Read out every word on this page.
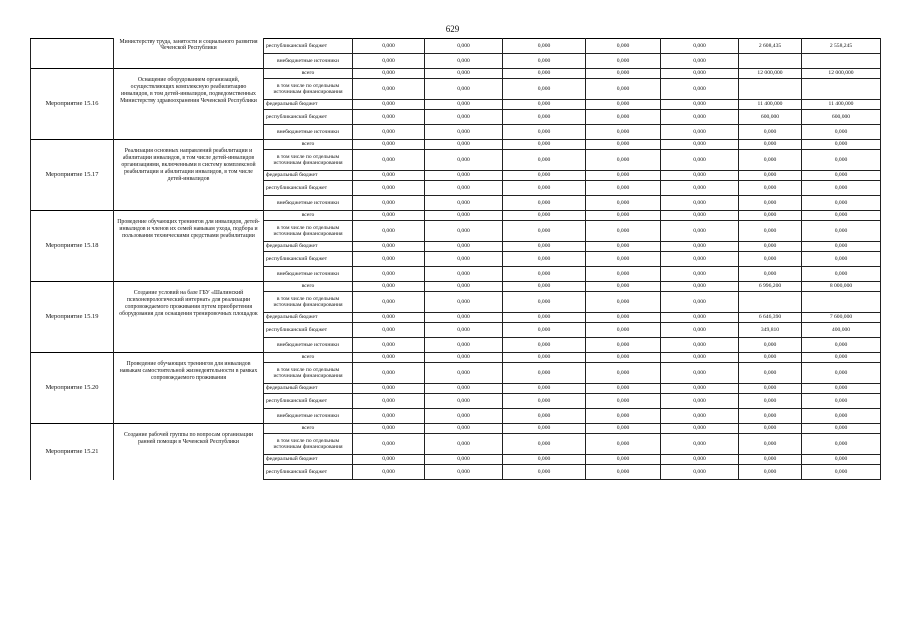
629
	Министерству труда, занятости и социального развития Чеченской Республики	республиканский бюджет	0,000	0,000	0,000	0,000	0,000	2 608,435	2 558,245
		внебюджетные источники	0,000	0,000	0,000	0,000	0,000		
Мероприятие 15.16	Оснащение оборудованием организаций, осуществляющих комплексную реабилитацию инвалидов, в том детей-инвалидов, подведомственных Министерству здравоохранения Чеченской Республики	всего	0,000	0,000	0,000	0,000	0,000	12 000,000	12 000,000
		в том числе по отдельным источникам финансирования	0,000	0,000	0,000	0,000	0,000		
		федеральный бюджет	0,000	0,000	0,000	0,000	0,000	11 400,000	11 400,000
		республиканский бюджет	0,000	0,000	0,000	0,000	0,000	600,000	600,000
		внебюджетные источники	0,000	0,000	0,000	0,000	0,000	0,000	0,000
Мероприятие 15.17	Реализация основных направлений реабилитации и абилитации инвалидов, в том числе детей-инвалидов организациями, включенными в систему комплексной реабилитации и абилитации инвалидов, в том числе детей-инвалидов	всего	0,000	0,000	0,000	0,000	0,000	0,000	0,000
		в том числе по отдельным источникам финансирования	0,000	0,000	0,000	0,000	0,000	0,000	0,000
		федеральный бюджет	0,000	0,000	0,000	0,000	0,000	0,000	0,000
		республиканский бюджет	0,000	0,000	0,000	0,000	0,000	0,000	0,000
		внебюджетные источники	0,000	0,000	0,000	0,000	0,000	0,000	0,000
Мероприятие 15.18	Проведение обучающих тренингов для инвалидов, детей-инвалидов и членов их семей навыкам ухода, подбора и пользования техническими средствами реабилитации	всего	0,000	0,000	0,000	0,000	0,000	0,000	0,000
		в том числе по отдельным источникам финансирования	0,000	0,000	0,000	0,000	0,000	0,000	0,000
		федеральный бюджет	0,000	0,000	0,000	0,000	0,000	0,000	0,000
		республиканский бюджет	0,000	0,000	0,000	0,000	0,000	0,000	0,000
		внебюджетные источники	0,000	0,000	0,000	0,000	0,000	0,000	0,000
Мероприятие 15.19	Создание условий на базе ГБУ «Шалинский психоневрологический интернат» для реализации сопровождаемого проживания путем приобретения оборудования для оснащения тренировочных площадок	всего	0,000	0,000	0,000	0,000	0,000	6 996,200	8 000,000
		в том числе по отдельным источникам финансирования	0,000	0,000	0,000	0,000	0,000		
		федеральный бюджет	0,000	0,000	0,000	0,000	0,000	6 646,390	7 600,000
		республиканский бюджет	0,000	0,000	0,000	0,000	0,000	349,810	400,000
		внебюджетные источники	0,000	0,000	0,000	0,000	0,000	0,000	0,000
Мероприятие 15.20	Проведение обучающих тренингов для инвалидов навыкам самостоятельной жизнедеятельности в рамках сопровождаемого проживания	всего	0,000	0,000	0,000	0,000	0,000	0,000	0,000
		в том числе по отдельным источникам финансирования	0,000	0,000	0,000	0,000	0,000	0,000	0,000
		федеральный бюджет	0,000	0,000	0,000	0,000	0,000	0,000	0,000
		республиканский бюджет	0,000	0,000	0,000	0,000	0,000	0,000	0,000
		внебюджетные источники	0,000	0,000	0,000	0,000	0,000	0,000	0,000
Мероприятие 15.21	Создание рабочей группы по вопросам организации ранней помощи в Чеченской Республики	всего	0,000	0,000	0,000	0,000	0,000	0,000	0,000
		в том числе по отдельным источникам финансирования	0,000	0,000	0,000	0,000	0,000	0,000	0,000
		федеральный бюджет	0,000	0,000	0,000	0,000	0,000	0,000	0,000
		республиканский бюджет	0,000	0,000	0,000	0,000	0,000	0,000	0,000
